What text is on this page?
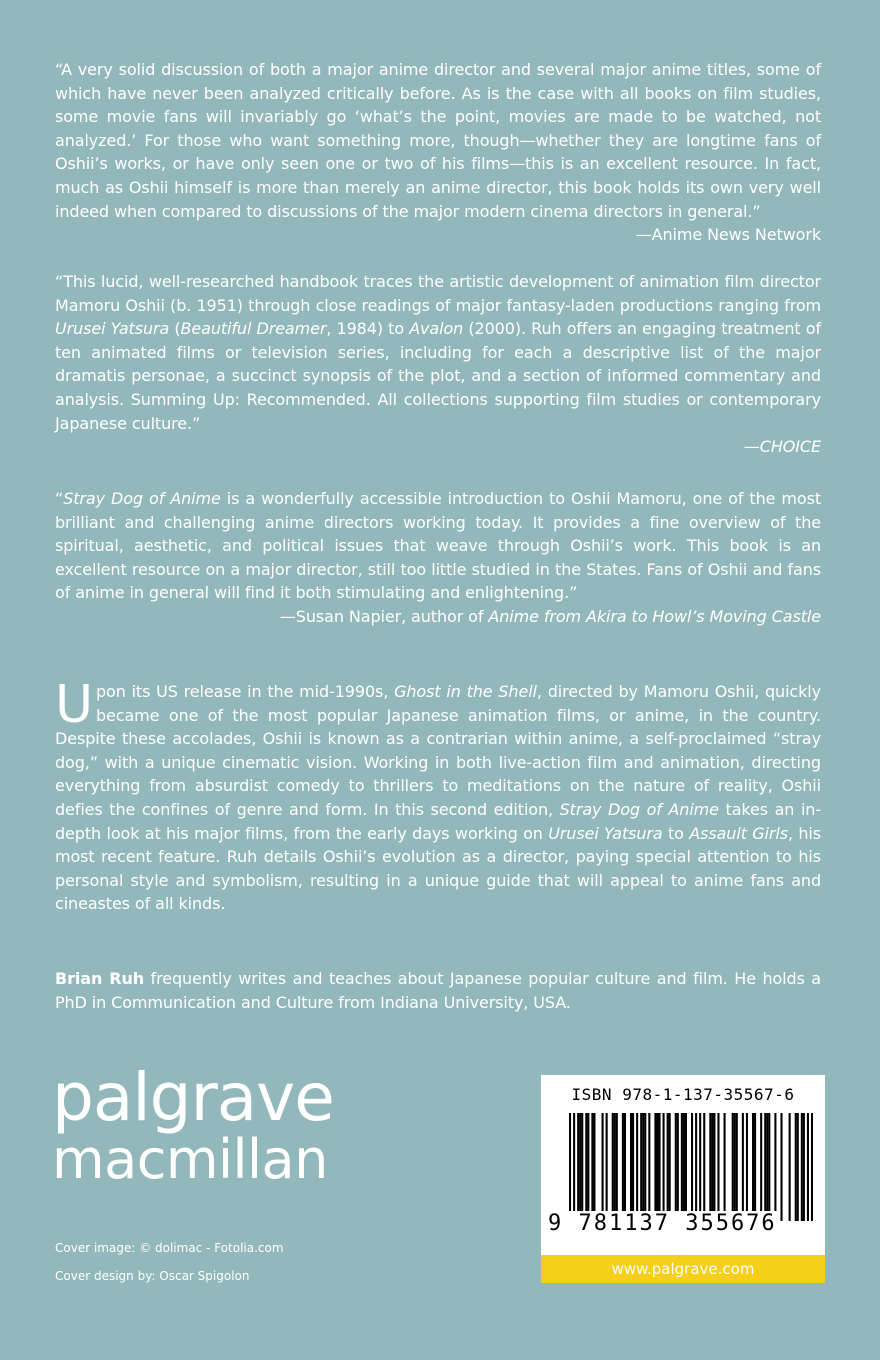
“A very solid discussion of both a major anime director and several major anime titles, some of which have never been analyzed critically before. As is the case with all books on film studies, some movie fans will invariably go ‘what’s the point, movies are made to be watched, not analyzed.’ For those who want something more, though—whether they are longtime fans of Oshii’s works, or have only seen one or two of his films—this is an excellent resource. In fact, much as Oshii himself is more than merely an anime director, this book holds its own very well indeed when compared to discussions of the major modern cinema directors in general.”

—Anime News Network

“This lucid, well-researched handbook traces the artistic development of animation film director Mamoru Oshii (b. 1951) through close readings of major fantasy-laden productions ranging from Urusei Yatsura (Beautiful Dreamer, 1984) to Avalon (2000). Ruh offers an engaging treatment of ten animated films or television series, including for each a descriptive list of the major dramatis personae, a succinct synopsis of the plot, and a section of informed commentary and analysis. Summing Up: Recommended. All collections supporting film studies or contemporary Japanese culture.”

—CHOICE

“Stray Dog of Anime is a wonderfully accessible introduction to Oshii Mamoru, one of the most brilliant and challenging anime directors working today. It provides a fine overview of the spiritual, aesthetic, and political issues that weave through Oshii’s work. This book is an excellent resource on a major director, still too little studied in the States. Fans of Oshii and fans of anime in general will find it both stimulating and enlightening.”

—Susan Napier, author of Anime from Akira to Howl’s Moving Castle

Upon its US release in the mid-1990s, Ghost in the Shell, directed by Mamoru Oshii, quickly became one of the most popular Japanese animation films, or anime, in the country. Despite these accolades, Oshii is known as a contrarian within anime, a self-proclaimed “stray dog,” with a unique cinematic vision. Working in both live-action film and animation, directing everything from absurdist comedy to thrillers to meditations on the nature of reality, Oshii defies the confines of genre and form. In this second edition, Stray Dog of Anime takes an in-depth look at his major films, from the early days working on Urusei Yatsura to Assault Girls, his most recent feature. Ruh details Oshii’s evolution as a director, paying special attention to his personal style and symbolism, resulting in a unique guide that will appeal to anime fans and cineastes of all kinds.
Brian Ruh frequently writes and teaches about Japanese popular culture and film. He holds a PhD in Communication and Culture from Indiana University, USA.
palgrave
macmillan
Cover image: © dolimac - Fotolia.com
Cover design by: Oscar Spigolon
ISBN 978-1-137-35567-6
9 781137 355676
www.palgrave.com
